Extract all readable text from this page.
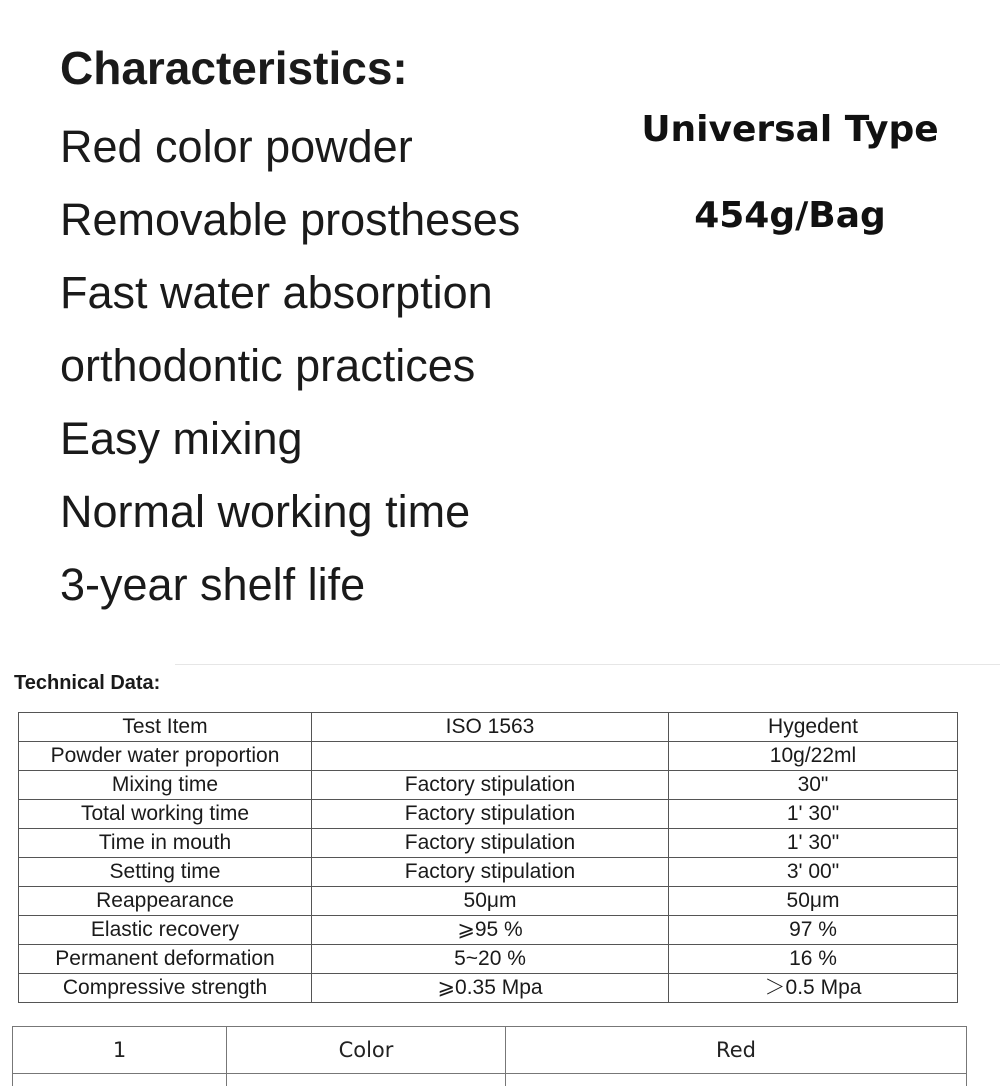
Characteristics:
Red color powder
Removable prostheses
Fast water absorption
orthodontic practices
Easy mixing
Normal working time
3-year shelf life
Universal Type
454g/Bag
Technical Data:
Test Item	ISO 1563	Hygedent
Powder water proportion		10g/22ml
Mixing time	Factory stipulation	30"
Total working time	Factory stipulation	1' 30"
Time in mouth	Factory stipulation	1' 30"
Setting time	Factory stipulation	3' 00"
Reappearance	50μm	50μm
Elastic recovery	⩾95 %	97 %
Permanent deformation	5~20 %	16 %
Compressive strength	⩾0.35 Mpa	＞0.5 Mpa
1	Color	Red
